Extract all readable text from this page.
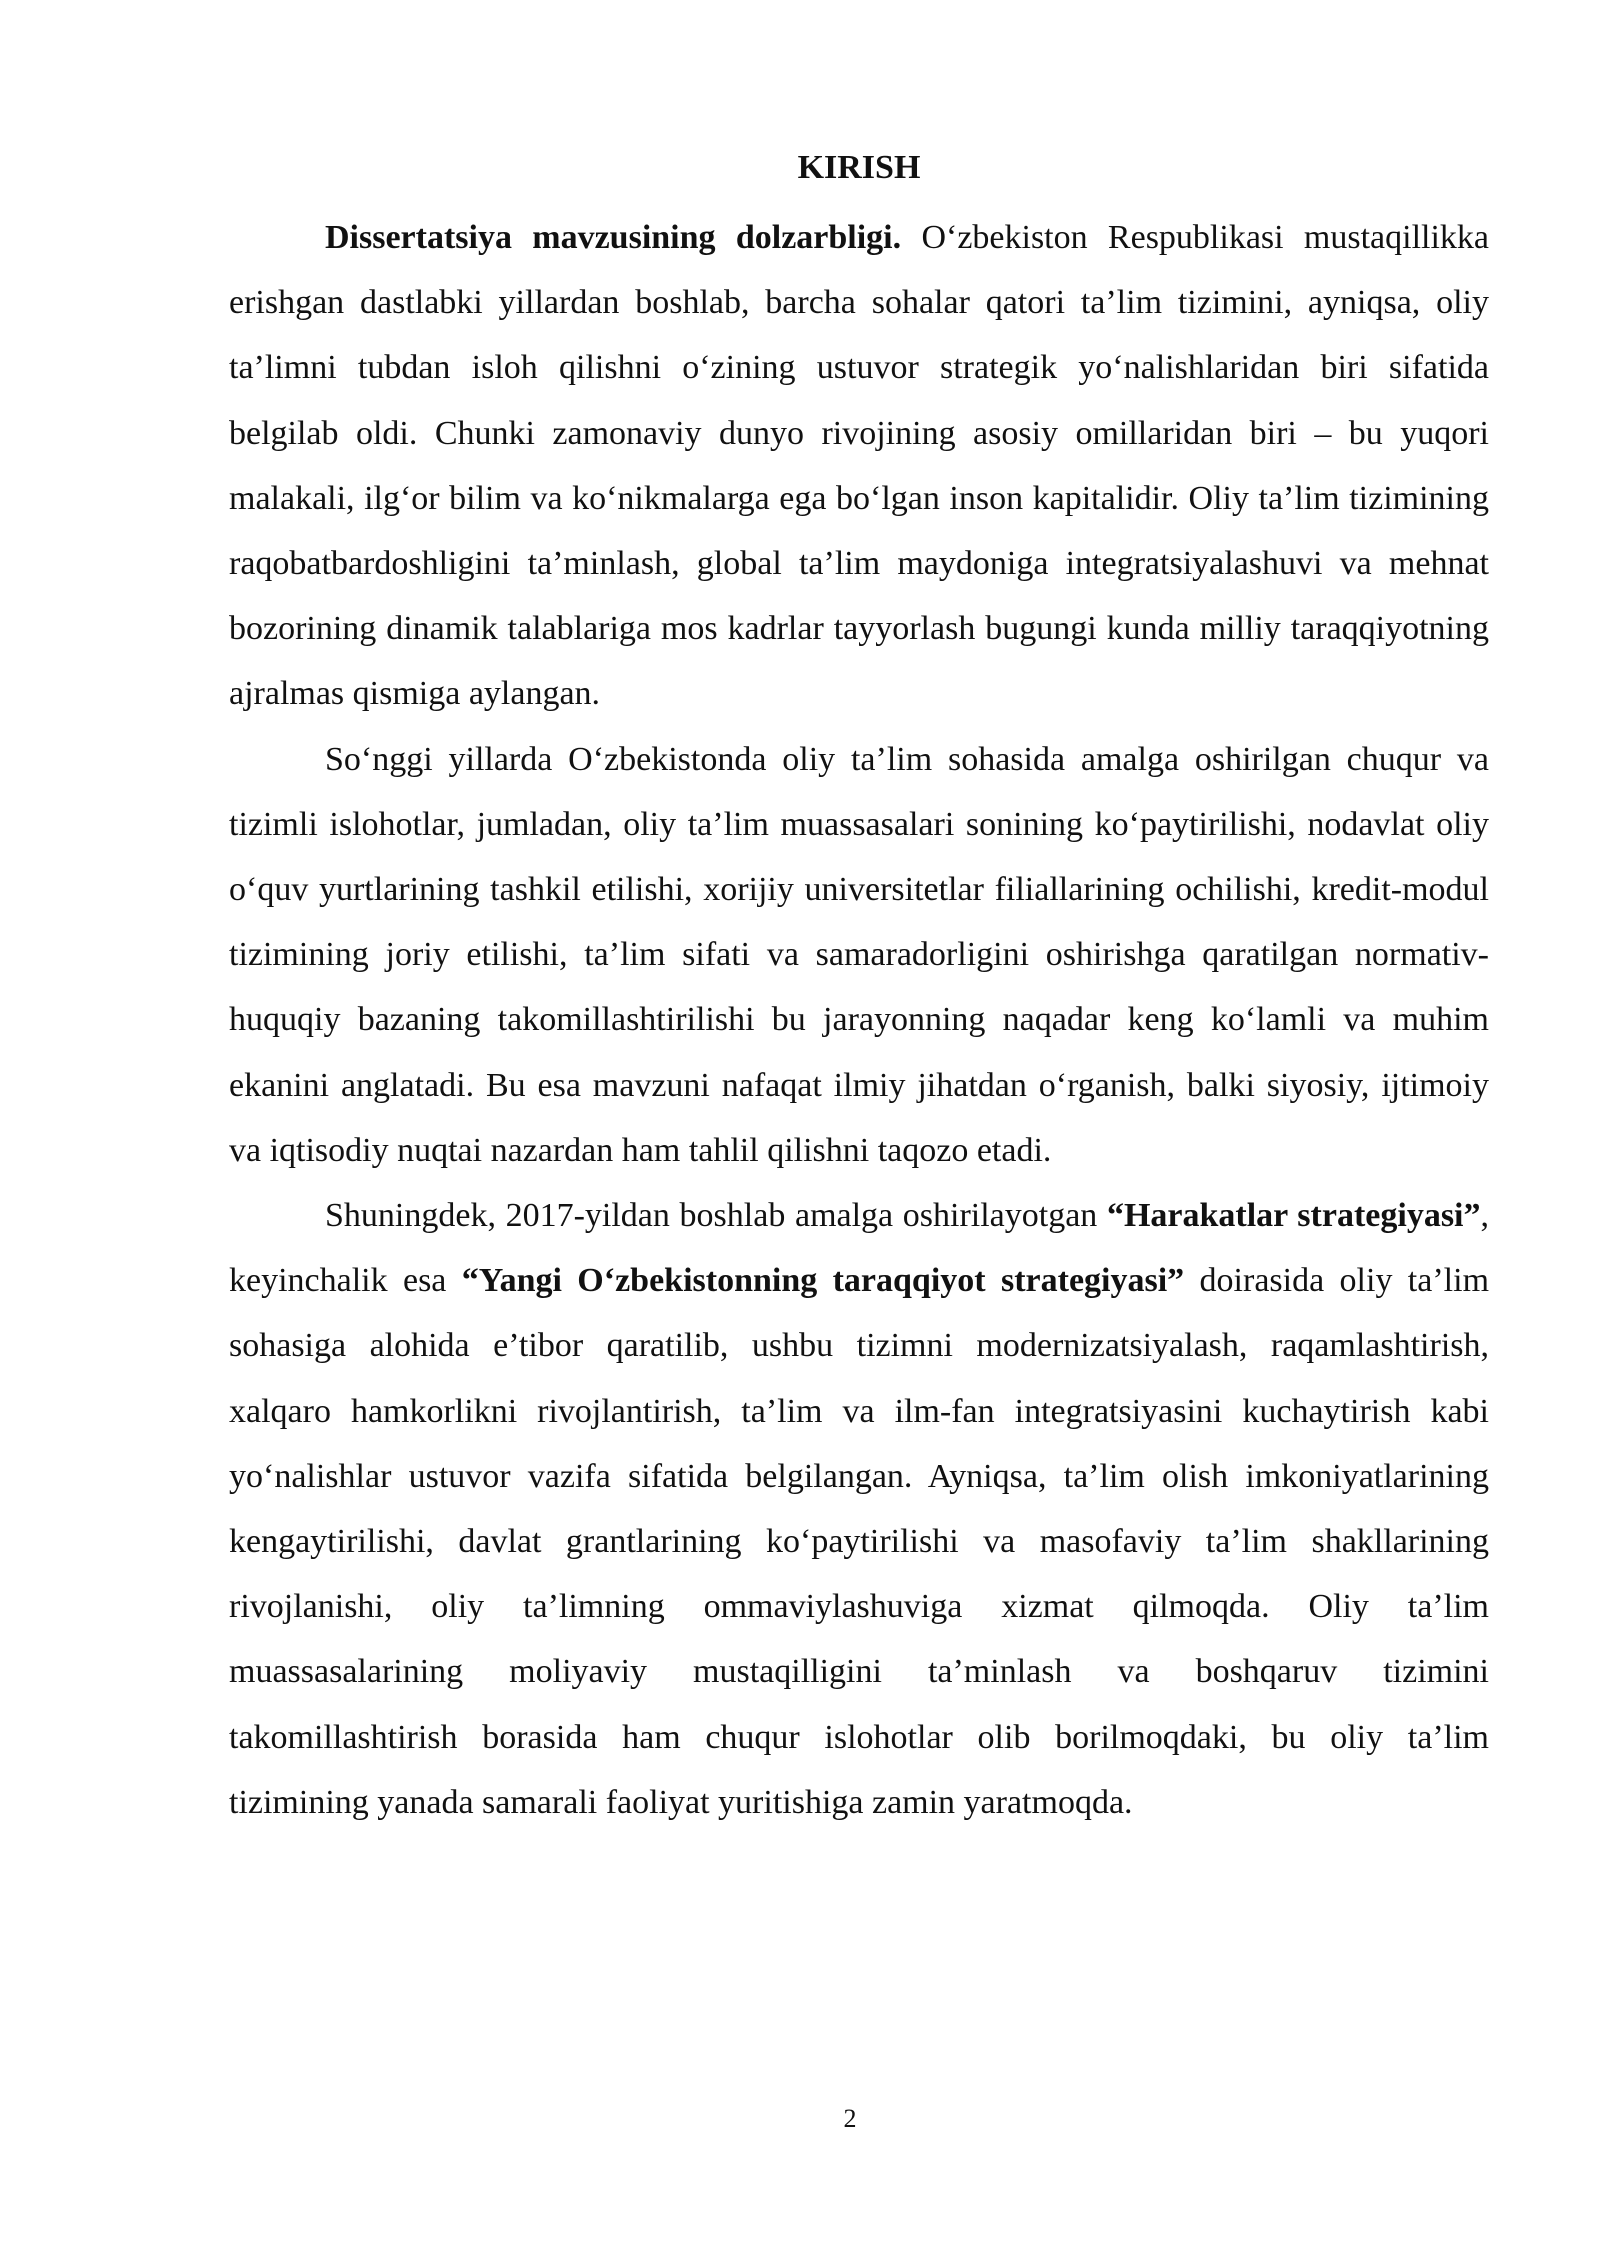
KIRISH

Dissertatsiya mavzusining dolzarbligi. O‘zbekiston Respublikasi mustaqillikka erishgan dastlabki yillardan boshlab, barcha sohalar qatori ta’lim tizimini, ayniqsa, oliy ta’limni tubdan isloh qilishni o‘zining ustuvor strategik yo‘nalishlaridan biri sifatida belgilab oldi. Chunki zamonaviy dunyo rivojining asosiy omillaridan biri – bu yuqori malakali, ilg‘or bilim va ko‘nikmalarga ega bo‘lgan inson kapitalidir. Oliy ta’lim tizimining raqobatbardoshligini ta’minlash, global ta’lim maydoniga integratsiyalashuvi va mehnat bozorining dinamik talablariga mos kadrlar tayyorlash bugungi kunda milliy taraqqiyotning ajralmas qismiga aylangan.

So‘nggi yillarda O‘zbekistonda oliy ta’lim sohasida amalga oshirilgan chuqur va tizimli islohotlar, jumladan, oliy ta’lim muassasalari sonining ko‘paytirilishi, nodavlat oliy o‘quv yurtlarining tashkil etilishi, xorijiy universitetlar filiallarining ochilishi, kredit-modul tizimining joriy etilishi, ta’lim sifati va samaradorligini oshirishga qaratilgan normativ-huquqiy bazaning takomillashtirilishi bu jarayonning naqadar keng ko‘lamli va muhim ekanini anglatadi. Bu esa mavzuni nafaqat ilmiy jihatdan o‘rganish, balki siyosiy, ijtimoiy va iqtisodiy nuqtai nazardan ham tahlil qilishni taqozo etadi.

Shuningdek, 2017-yildan boshlab amalga oshirilayotgan “Harakatlar strategiyasi”, keyinchalik esa “Yangi O‘zbekistonning taraqqiyot strategiyasi” doirasida oliy ta’lim sohasiga alohida e’tibor qaratilib, ushbu tizimni modernizatsiyalash, raqamlashtirish, xalqaro hamkorlikni rivojlantirish, ta’lim va ilm-fan integratsiyasini kuchaytirish kabi yo‘nalishlar ustuvor vazifa sifatida belgilangan. Ayniqsa, ta’lim olish imkoniyatlarining kengaytirilishi, davlat grantlarining ko‘paytirilishi va masofaviy ta’lim shakllarining rivojlanishi, oliy ta’limning ommaviylashuviga xizmat qilmoqda. Oliy ta’lim muassasalarining moliyaviy mustaqilligini ta’minlash va boshqaruv tizimini takomillashtirish borasida ham chuqur islohotlar olib borilmoqdaki, bu oliy ta’lim tizimining yanada samarali faoliyat yuritishiga zamin yaratmoqda.

2
